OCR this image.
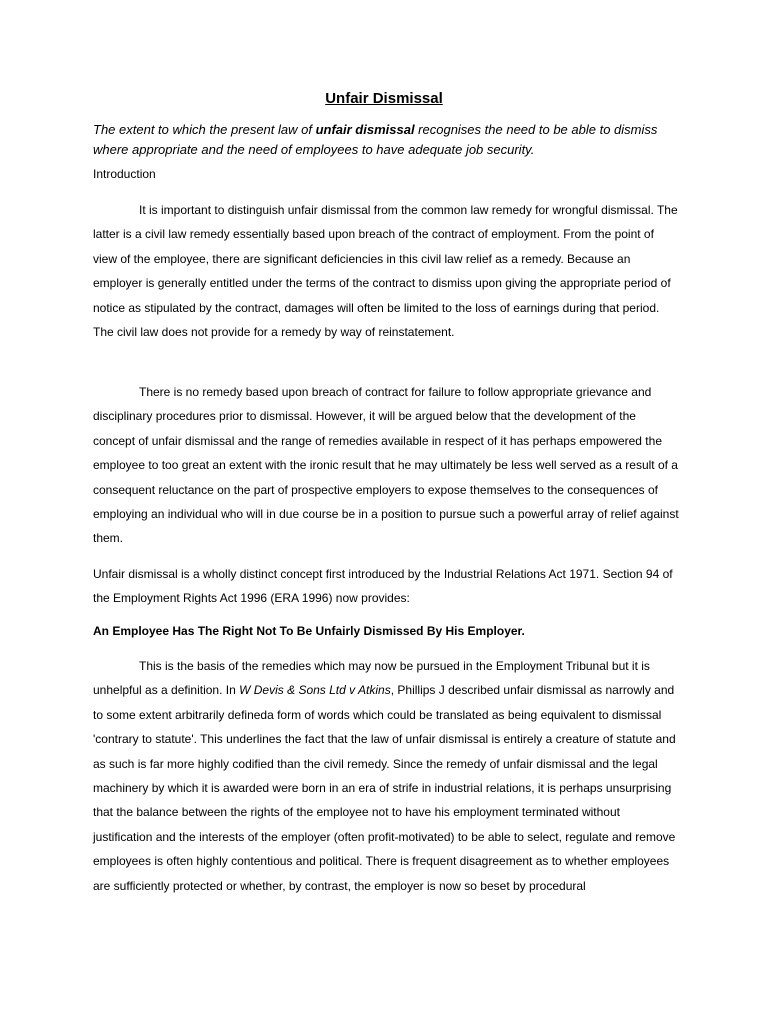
Unfair Dismissal
The extent to which the present law of unfair dismissal recognises the need to be able to dismiss where appropriate and the need of employees to have adequate job security.
Introduction

It is important to distinguish unfair dismissal from the common law remedy for wrongful dismissal. The latter is a civil law remedy essentially based upon breach of the contract of employment. From the point of view of the employee, there are significant deficiencies in this civil law relief as a remedy. Because an employer is generally entitled under the terms of the contract to dismiss upon giving the appropriate period of notice as stipulated by the contract, damages will often be limited to the loss of earnings during that period. The civil law does not provide for a remedy by way of reinstatement.

There is no remedy based upon breach of contract for failure to follow appropriate grievance and disciplinary procedures prior to dismissal. However, it will be argued below that the development of the concept of unfair dismissal and the range of remedies available in respect of it has perhaps empowered the employee to too great an extent with the ironic result that he may ultimately be less well served as a result of a consequent reluctance on the part of prospective employers to expose themselves to the consequences of employing an individual who will in due course be in a position to pursue such a powerful array of relief against them.

Unfair dismissal is a wholly distinct concept first introduced by the Industrial Relations Act 1971. Section 94 of the Employment Rights Act 1996 (ERA 1996) now provides:

An Employee Has The Right Not To Be Unfairly Dismissed By His Employer.

This is the basis of the remedies which may now be pursued in the Employment Tribunal but it is unhelpful as a definition. In W Devis & Sons Ltd v Atkins, Phillips J described unfair dismissal as narrowly and to some extent arbitrarily defineda form of words which could be translated as being equivalent to dismissal 'contrary to statute'. This underlines the fact that the law of unfair dismissal is entirely a creature of statute and as such is far more highly codified than the civil remedy. Since the remedy of unfair dismissal and the legal machinery by which it is awarded were born in an era of strife in industrial relations, it is perhaps unsurprising that the balance between the rights of the employee not to have his employment terminated without justification and the interests of the employer (often profit-motivated) to be able to select, regulate and remove employees is often highly contentious and political. There is frequent disagreement as to whether employees are sufficiently protected or whether, by contrast, the employer is now so beset by procedural
